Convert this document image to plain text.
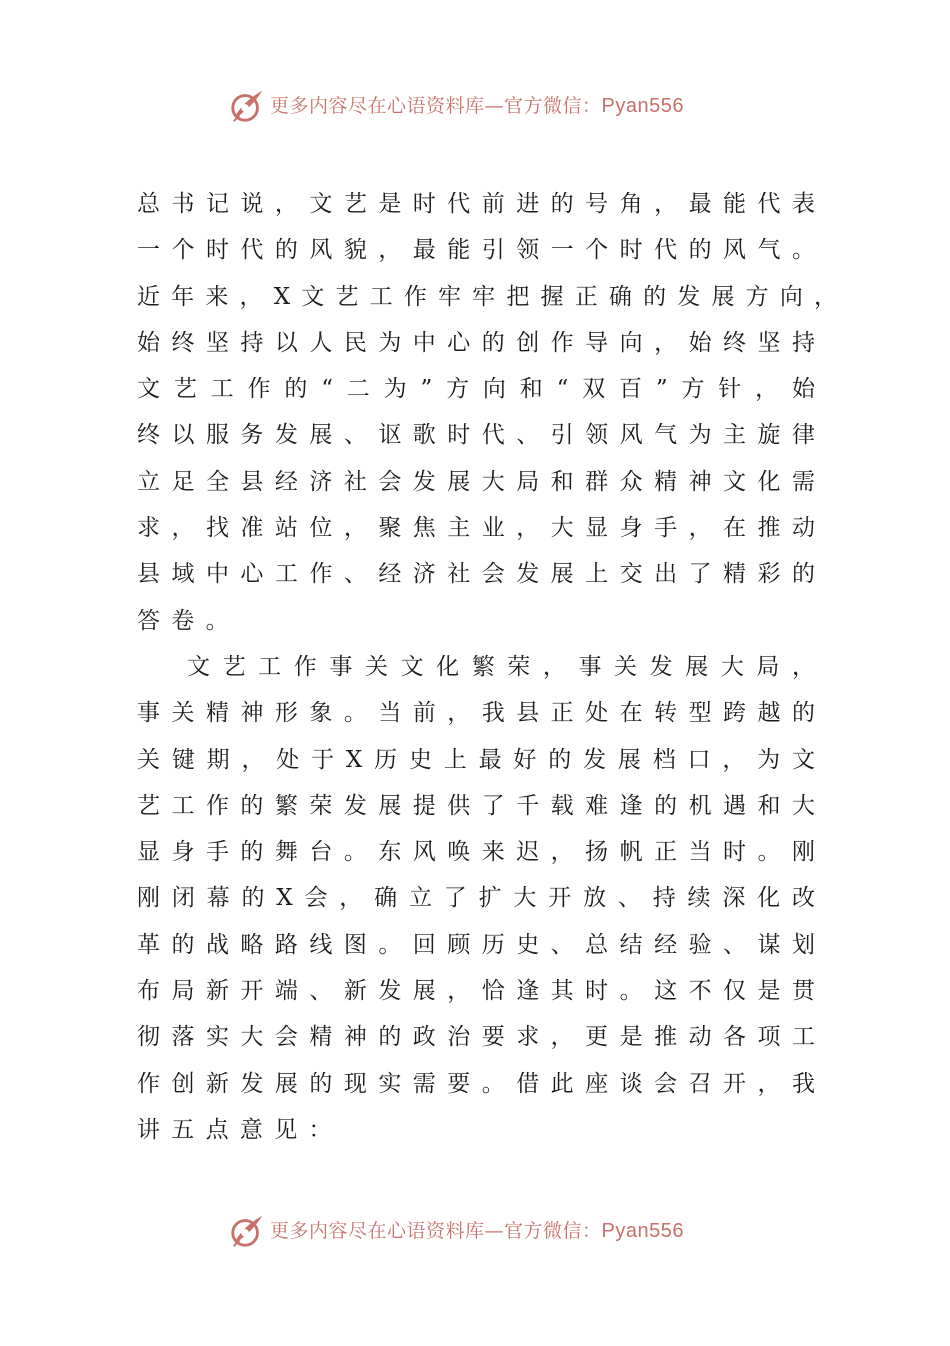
更多内容尽在心语资料库—官方微信：Pyan556
总书记说，文艺是时代前进的号角，最能代表
一个时代的风貌，最能引领一个时代的风气。
近年来，X文艺工作牢牢把握正确的发展方向，
始终坚持以人民为中心的创作导向，始终坚持
文艺工作的“二为”方向和“双百”方针，始
终以服务发展、讴歌时代、引领风气为主旋律
立足全县经济社会发展大局和群众精神文化需
求，找准站位，聚焦主业，大显身手，在推动
县域中心工作、经济社会发展上交出了精彩的
答卷。
文艺工作事关文化繁荣，事关发展大局，
事关精神形象。当前，我县正处在转型跨越的
关键期，处于X历史上最好的发展档口，为文
艺工作的繁荣发展提供了千载难逢的机遇和大
显身手的舞台。东风唤来迟，扬帆正当时。刚
刚闭幕的X会，确立了扩大开放、持续深化改
革的战略路线图。回顾历史、总结经验、谋划
布局新开端、新发展，恰逢其时。这不仅是贯
彻落实大会精神的政治要求，更是推动各项工
作创新发展的现实需要。借此座谈会召开，我
讲五点意见：
更多内容尽在心语资料库—官方微信：Pyan556
